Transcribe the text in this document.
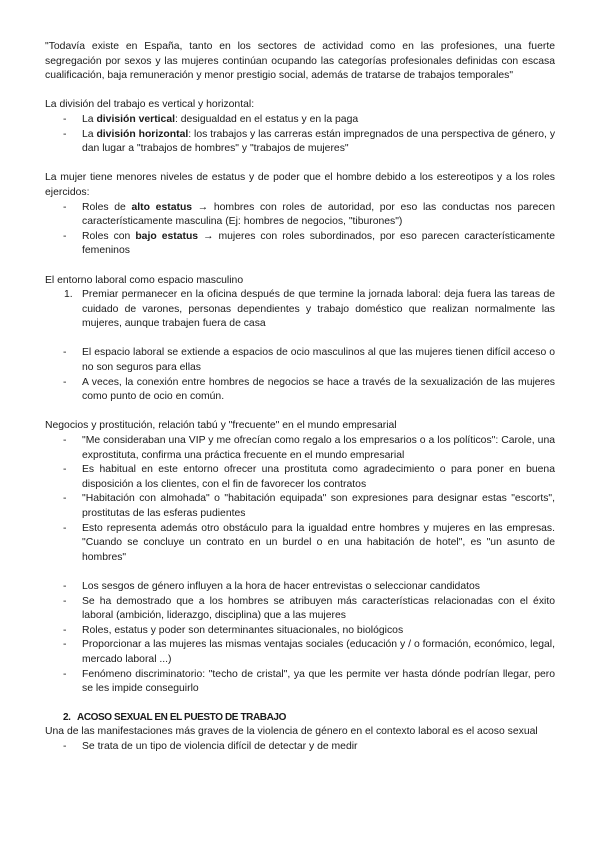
"Todavía existe en España, tanto en los sectores de actividad como en las profesiones, una fuerte segregación por sexos y las mujeres continúan ocupando las categorías profesionales definidas con escasa cualificación, baja remuneración y menor prestigio social, además de tratarse de trabajos temporales"

La división del trabajo es vertical y horizontal:

- La división vertical: desigualdad en el estatus y en la paga
- La división horizontal: los trabajos y las carreras están impregnados de una perspectiva de género, y dan lugar a "trabajos de hombres" y "trabajos de mujeres"

La mujer tiene menores niveles de estatus y de poder que el hombre debido a los estereotipos y a los roles ejercidos:

- Roles de alto estatus → hombres con roles de autoridad, por eso las conductas nos parecen característicamente masculina (Ej: hombres de negocios, "tiburones")
- Roles con bajo estatus → mujeres con roles subordinados, por eso parecen característicamente femeninos

El entorno laboral como espacio masculino

1. Premiar permanecer en la oficina después de que termine la jornada laboral: deja fuera las tareas de cuidado de varones, personas dependientes y trabajo doméstico que realizan normalmente las mujeres, aunque trabajen fuera de casa
- El espacio laboral se extiende a espacios de ocio masculinos al que las mujeres tienen difícil acceso o no son seguros para ellas
- A veces, la conexión entre hombres de negocios se hace a través de la sexualización de las mujeres como punto de ocio en común.

Negocios y prostitución, relación tabú y "frecuente" en el mundo empresarial

- "Me consideraban una VIP y me ofrecían como regalo a los empresarios o a los políticos": Carole, una exprostituta, confirma una práctica frecuente en el mundo empresarial
- Es habitual en este entorno ofrecer una prostituta como agradecimiento o para poner en buena disposición a los clientes, con el fin de favorecer los contratos
- "Habitación con almohada" o "habitación equipada" son expresiones para designar estas "escorts", prostitutas de las esferas pudientes
- Esto representa además otro obstáculo para la igualdad entre hombres y mujeres en las empresas. "Cuando se concluye un contrato en un burdel o en una habitación de hotel", es "un asunto de hombres"
- Los sesgos de género influyen a la hora de hacer entrevistas o seleccionar candidatos
- Se ha demostrado que a los hombres se atribuyen más características relacionadas con el éxito laboral (ambición, liderazgo, disciplina) que a las mujeres
- Roles, estatus y poder son determinantes situacionales, no biológicos
- Proporcionar a las mujeres las mismas ventajas sociales (educación y / o formación, económico, legal, mercado laboral ...)
- Fenómeno discriminatorio: "techo de cristal", ya que les permite ver hasta dónde podrían llegar, pero se les impide conseguirlo
2. ACOSO SEXUAL EN EL PUESTO DE TRABAJO

Una de las manifestaciones más graves de la violencia de género en el contexto laboral es el acoso sexual

- Se trata de un tipo de violencia difícil de detectar y de medir
